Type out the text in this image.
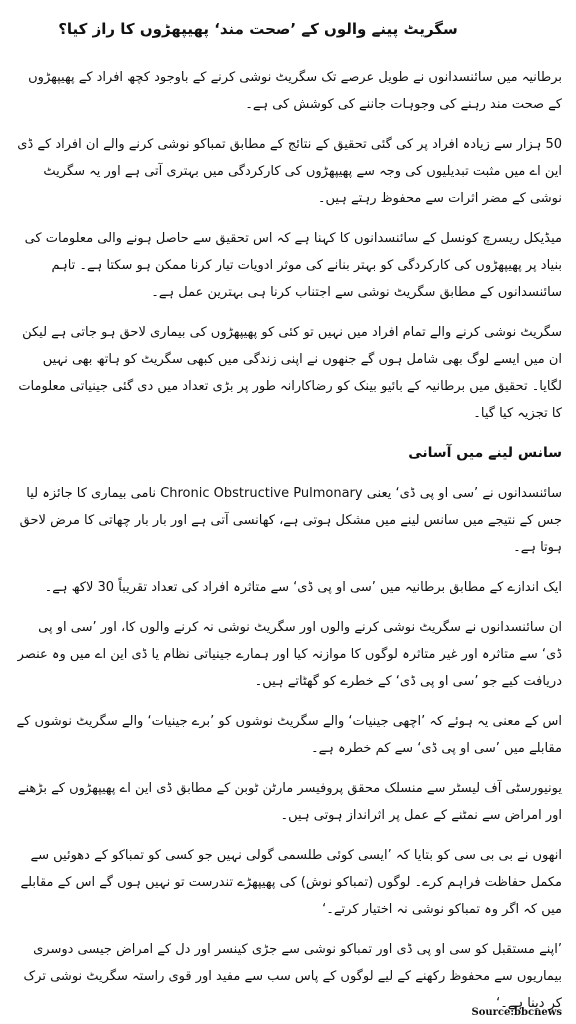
سگریٹ پینے والوں کے ’صحت مند‘ پھیپھڑوں کا راز کیا؟

برطانیہ میں سائنسدانوں نے طویل عرصے تک سگریٹ نوشی کرنے کے باوجود کچھ افراد کے پھیپھڑوں کے صحت مند رہنے کی وجوہات جاننے کی کوشش کی ہے۔

50 ہزار سے زیادہ افراد پر کی گئی تحقیق کے نتائج کے مطابق تمباکو نوشی کرنے والے ان افراد کے ڈی این اے میں مثبت تبدیلیوں کی وجہ سے پھیپھڑوں کی کارکردگی میں بہتری آتی ہے اور یہ سگریٹ نوشی کے مضر اثرات سے محفوظ رہتے ہیں۔

میڈیکل ریسرچ کونسل کے سائنسدانوں کا کہنا ہے کہ اس تحقیق سے حاصل ہونے والی معلومات کی بنیاد پر پھیپھڑوں کی کارکردگی کو بہتر بنانے کی موثر ادویات تیار کرنا ممکن ہو سکتا ہے۔ تاہم سائنسدانوں کے مطابق سگریٹ نوشی سے اجتناب کرنا ہی بہترین عمل ہے۔

سگریٹ نوشی کرنے والے تمام افراد میں نہیں تو کئی کو پھیپھڑوں کی بیماری لاحق ہو جاتی ہے لیکن ان میں ایسے لوگ بھی شامل ہوں گے جنھوں نے اپنی زندگی میں کبھی سگریٹ کو ہاتھ بھی نہیں لگایا۔ تحقیق میں برطانیہ کے بائیو بینک کو رضاکارانہ طور پر بڑی تعداد میں دی گئی جینیاتی معلومات کا تجزیہ کیا گیا۔

سانس لینے میں آسانی

سائنسدانوں نے ’سی او پی ڈی‘ یعنی Chronic Obstructive Pulmonary نامی بیماری کا جائزہ لیا جس کے نتیجے میں سانس لینے میں مشکل ہوتی ہے، کھانسی آتی ہے اور بار بار چھاتی کا مرض لاحق ہوتا ہے۔

ایک اندازے کے مطابق برطانیہ میں ’سی او پی ڈی‘ سے متاثرہ افراد کی تعداد تقریباً 30 لاکھ ہے۔

ان سائنسدانوں نے سگریٹ نوشی کرنے والوں اور سگریٹ نوشی نہ کرنے والوں کا، اور ’سی او پی ڈی‘ سے متاثرہ اور غیر متاثرہ لوگوں کا موازنہ کیا اور ہمارے جینیاتی نظام یا ڈی این اے میں وہ عنصر دریافت کیے جو ’سی او پی ڈی‘ کے خطرے کو گھٹاتے ہیں۔

اس کے معنی یہ ہوئے کہ ’اچھی جینیات‘ والے سگریٹ نوشوں کو ’برے جینیات‘ والے سگریٹ نوشوں کے مقابلے میں ’سی او پی ڈی‘ سے کم خطرہ ہے۔

یونیورسٹی آف لیسٹر سے منسلک محقق پروفیسر مارٹن ٹوبن کے مطابق ڈی این اے پھیپھڑوں کے بڑھنے اور امراض سے نمٹنے کے عمل پر اثرانداز ہوتی ہیں۔

انھوں نے بی بی سی کو بتایا کہ ’ایسی کوئی طلسمی گولی نہیں جو کسی کو تمباکو کے دھوئیں سے مکمل حفاظت فراہم کرے۔ لوگوں (تمباکو نوش) کی پھیپھڑے تندرست تو نہیں ہوں گے اس کے مقابلے میں کہ اگر وہ تمباکو نوشی نہ اختیار کرتے۔‘

’اپنے مستقبل کو سی او پی ڈی اور تمباکو نوشی سے جڑی کینسر اور دل کے امراض جیسی دوسری بیماریوں سے محفوظ رکھنے کے لیے لوگوں کے پاس سب سے مفید اور قوی راستہ سگریٹ نوشی ترک کر دینا ہے۔‘

Source:bbcnews
